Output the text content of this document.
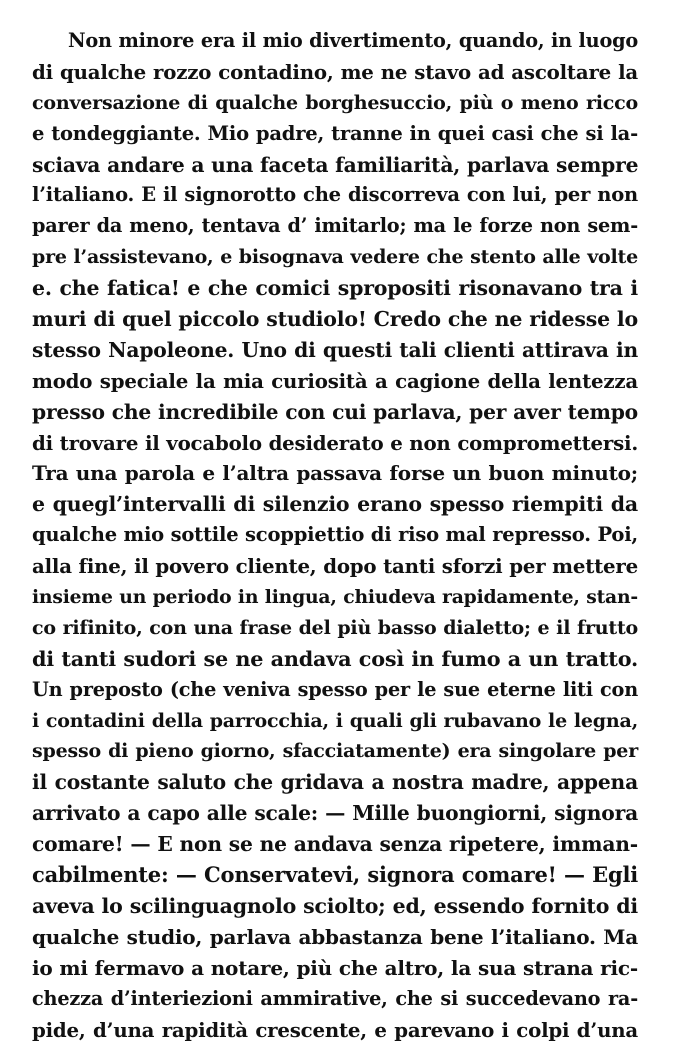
Non minore era il mio divertimento, quando, in luogo
di qualche rozzo contadino, me ne stavo ad ascoltare la
conversazione di qualche borghesuccio, più o meno ricco
e tondeggiante. Mio padre, tranne in quei casi che si la-
sciava andare a una faceta familiarità, parlava sempre
l’italiano. E il signorotto che discorreva con lui, per non
parer da meno, tentava d’ imitarlo; ma le forze non sem-
pre l’assistevano, e bisognava vedere che stento alle volte
e. che fatica! e che comici spropositi risonavano tra i
muri di quel piccolo studiolo! Credo che ne ridesse lo
stesso Napoleone. Uno di questi tali clienti attirava in
modo speciale la mia curiosità a cagione della lentezza
presso che incredibile con cui parlava, per aver tempo
di trovare il vocabolo desiderato e non compromettersi.
Tra una parola e l’altra passava forse un buon minuto;
e quegl’intervalli di silenzio erano spesso riempiti da
qualche mio sottile scoppiettio di riso mal represso. Poi,
alla fine, il povero cliente, dopo tanti sforzi per mettere
insieme un periodo in lingua, chiudeva rapidamente, stan-
co rifinito, con una frase del più basso dialetto; e il frutto
di tanti sudori se ne andava così in fumo a un tratto.
Un preposto (che veniva spesso per le sue eterne liti con
i contadini della parrocchia, i quali gli rubavano le legna,
spesso di pieno giorno, sfacciatamente) era singolare per
il costante saluto che gridava a nostra madre, appena
arrivato a capo alle scale: — Mille buongiorni, signora
comare! — E non se ne andava senza ripetere, imman-
cabilmente: — Conservatevi, signora comare! — Egli
aveva lo scilinguagnolo sciolto; ed, essendo fornito di
qualche studio, parlava abbastanza bene l’italiano. Ma
io mi fermavo a notare, più che altro, la sua strana ric-
chezza d’interiezioni ammirative, che si succedevano ra-
pide, d’una rapidità crescente, e parevano i colpi d’una
